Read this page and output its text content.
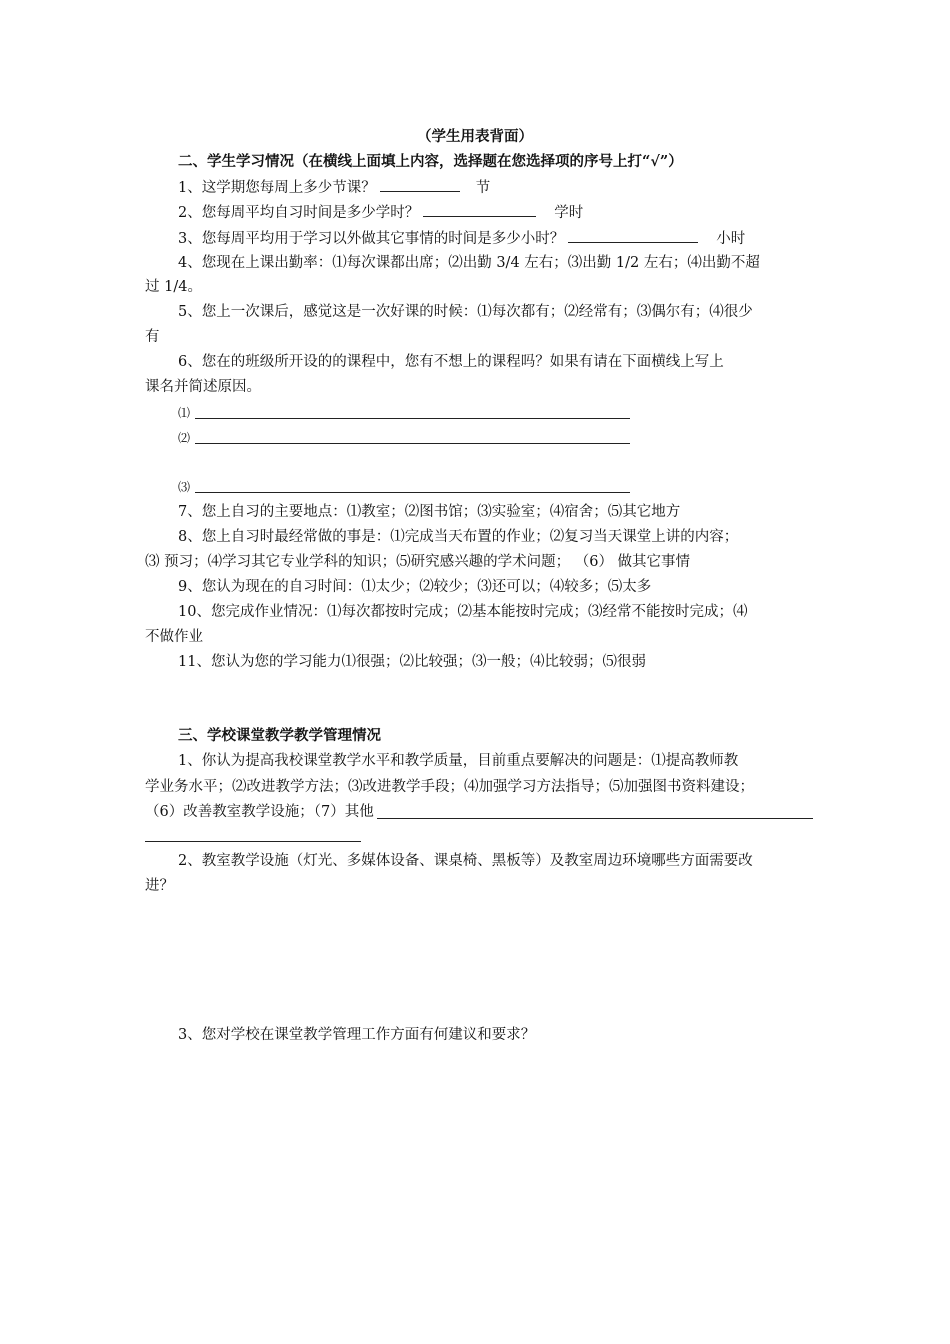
（学生用表背面）
二、学生学习情况（在横线上面填上内容，选择题在您选择项的序号上打“√”）
1、这学期您每周上多少节课？	节
2、您每周平均自习时间是多少学时？	学时
3、您每周平均用于学习以外做其它事情的时间是多少小时？	小时
4、您现在上课出勤率：⑴每次课都出席；⑵出勤 3/4 左右；⑶出勤 1/2 左右；⑷出勤不超
过 1/4。
5、您上一次课后，感觉这是一次好课的时候：⑴每次都有；⑵经常有；⑶偶尔有；⑷很少
有
6、您在的班级所开设的的课程中，您有不想上的课程吗？如果有请在下面横线上写上
课名并简述原因。
⑴
⑵
⑶
7、您上自习的主要地点：⑴教室；⑵图书馆；⑶实验室；⑷宿舍；⑸其它地方
8、您上自习时最经常做的事是：⑴完成当天布置的作业；⑵复习当天课堂上讲的内容；
⑶ 预习；⑷学习其它专业学科的知识；⑸研究感兴趣的学术问题； （6） 做其它事情
9、您认为现在的自习时间：⑴太少；⑵较少；⑶还可以；⑷较多；⑸太多
10、您完成作业情况：⑴每次都按时完成；⑵基本能按时完成；⑶经常不能按时完成；⑷
不做作业
11、您认为您的学习能力⑴很强；⑵比较强；⑶一般；⑷比较弱；⑸很弱
三、学校课堂教学教学管理情况
1、你认为提高我校课堂教学水平和教学质量，目前重点要解决的问题是：⑴提高教师教
学业务水平；⑵改进教学方法；⑶改进教学手段；⑷加强学习方法指导；⑸加强图书资料建设；
（6）改善教室教学设施；（7）其他
2、教室教学设施（灯光、多媒体设备、课桌椅、黑板等）及教室周边环境哪些方面需要改
进？
3、您对学校在课堂教学管理工作方面有何建议和要求？
